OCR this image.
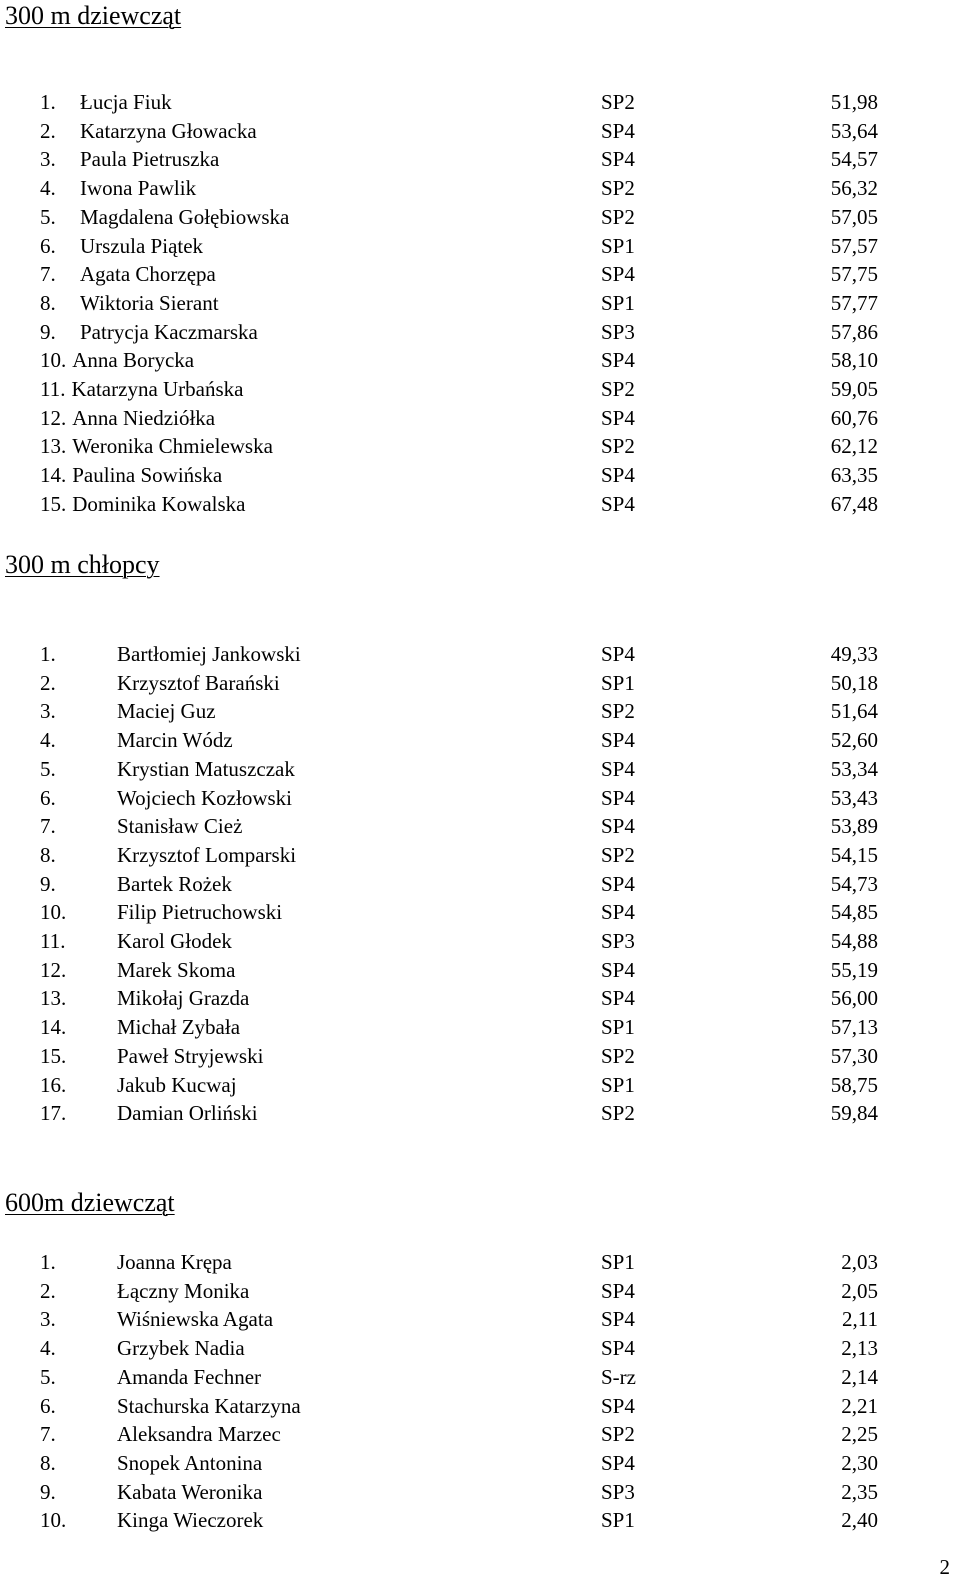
300 m dziewcząt
1. Łucja Fiuk	SP2	51,98
2. Katarzyna Głowacka	SP4	53,64
3. Paula Pietruszka	SP4	54,57
4. Iwona Pawlik	SP2	56,32
5. Magdalena Gołębiowska	SP2	57,05
6. Urszula Piątek	SP1	57,57
7. Agata Chorzępa	SP4	57,75
8. Wiktoria Sierant	SP1	57,77
9. Patrycja Kaczmarska	SP3	57,86
10. Anna Borycka	SP4	58,10
11. Katarzyna Urbańska	SP2	59,05
12. Anna Niedziółka	SP4	60,76
13. Weronika Chmielewska	SP2	62,12
14. Paulina Sowińska	SP4	63,35
15. Dominika Kowalska	SP4	67,48
300 m chłopcy
1.	Bartłomiej Jankowski	SP4	49,33
2.	Krzysztof Barański	SP1	50,18
3.	Maciej Guz	SP2	51,64
4.	Marcin Wódz	SP4	52,60
5.	Krystian Matuszczak	SP4	53,34
6.	Wojciech Kozłowski	SP4	53,43
7.	Stanisław Cież	SP4	53,89
8.	Krzysztof Lomparski	SP2	54,15
9.	Bartek Rożek	SP4	54,73
10. Filip Pietruchowski	SP4	54,85
11. Karol Głodek	SP3	54,88
12. Marek Skoma	SP4	55,19
13. Mikołaj Grazda	SP4	56,00
14. Michał Zybała	SP1	57,13
15. Paweł Stryjewski	SP2	57,30
16. Jakub Kucwaj	SP1	58,75
17. Damian Orliński	SP2	59,84
600m dziewcząt
1.	Joanna Krępa	SP1	2,03
2.	Łączny Monika	SP4	2,05
3.	Wiśniewska Agata	SP4	2,11
4.	Grzybek Nadia	SP4	2,13
5.	Amanda Fechner	S-rz	2,14
6.	Stachurska Katarzyna	SP4	2,21
7.	Aleksandra Marzec	SP2	2,25
8.	Snopek Antonina	SP4	2,30
9.	Kabata Weronika	SP3	2,35
10. Kinga Wieczorek	SP1	2,40
2
